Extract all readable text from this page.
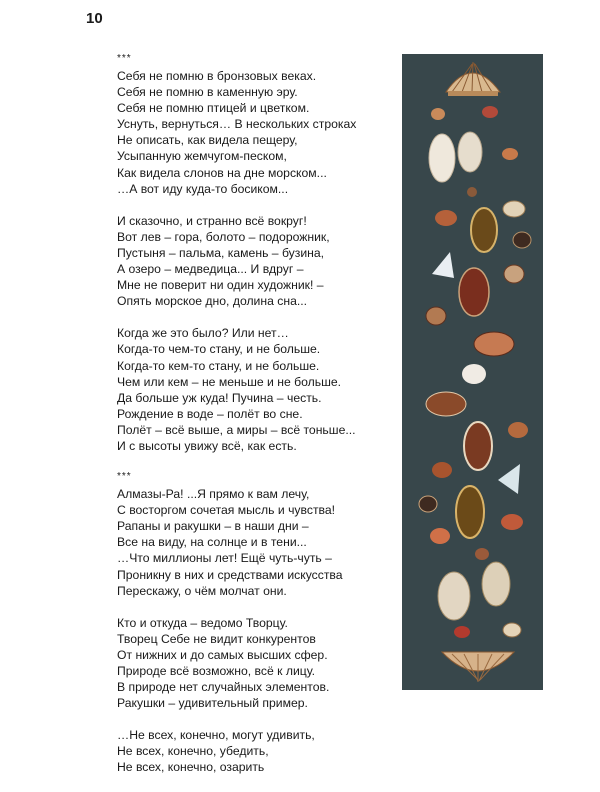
10
***
Себя не помню в бронзовых веках.
Себя не помню в каменную эру.
Себя не помню птицей и цветком.
Уснуть, вернуться… В нескольких строках
Не описать, как видела пещеру,
Усыпанную жемчугом-песком,
Как видела слонов на дне морском...
…А вот иду куда-то босиком...
И сказочно, и странно всё вокруг!
Вот лев – гора, болото – подорожник,
Пустыня – пальма, камень – бузина,
А озеро – медведица... И вдруг –
Мне не поверит ни один художник! –
Опять морское дно, долина сна...
Когда же это было? Или нет…
Когда-то чем-то стану, и не больше.
Когда-то кем-то стану, и не больше.
Чем или кем – не меньше и не больше.
Да больше уж куда! Пучина – честь.
Рождение в воде – полёт во сне.
Полёт – всё выше, а миры – всё тоньше...
И с высоты увижу всё, как есть.
***
Алмазы-Ра! ...Я прямо к вам лечу,
С восторгом сочетая мысль и чувства!
Рапаны и ракушки – в наши дни –
Все на виду, на солнце и в тени...
…Что миллионы лет! Ещё чуть-чуть –
Проникну в них и средствами искусства
Перескажу, о чём молчат они.
Кто и откуда – ведомо Творцу.
Творец Себе не видит конкурентов
От нижних и до самых высших сфер.
Природе всё возможно, всё к лицу.
В природе нет случайных элементов.
Ракушки – удивительный пример.
…Не всех, конечно, могут удивить,
Не всех, конечно, убедить,
Не всех, конечно, озарить
